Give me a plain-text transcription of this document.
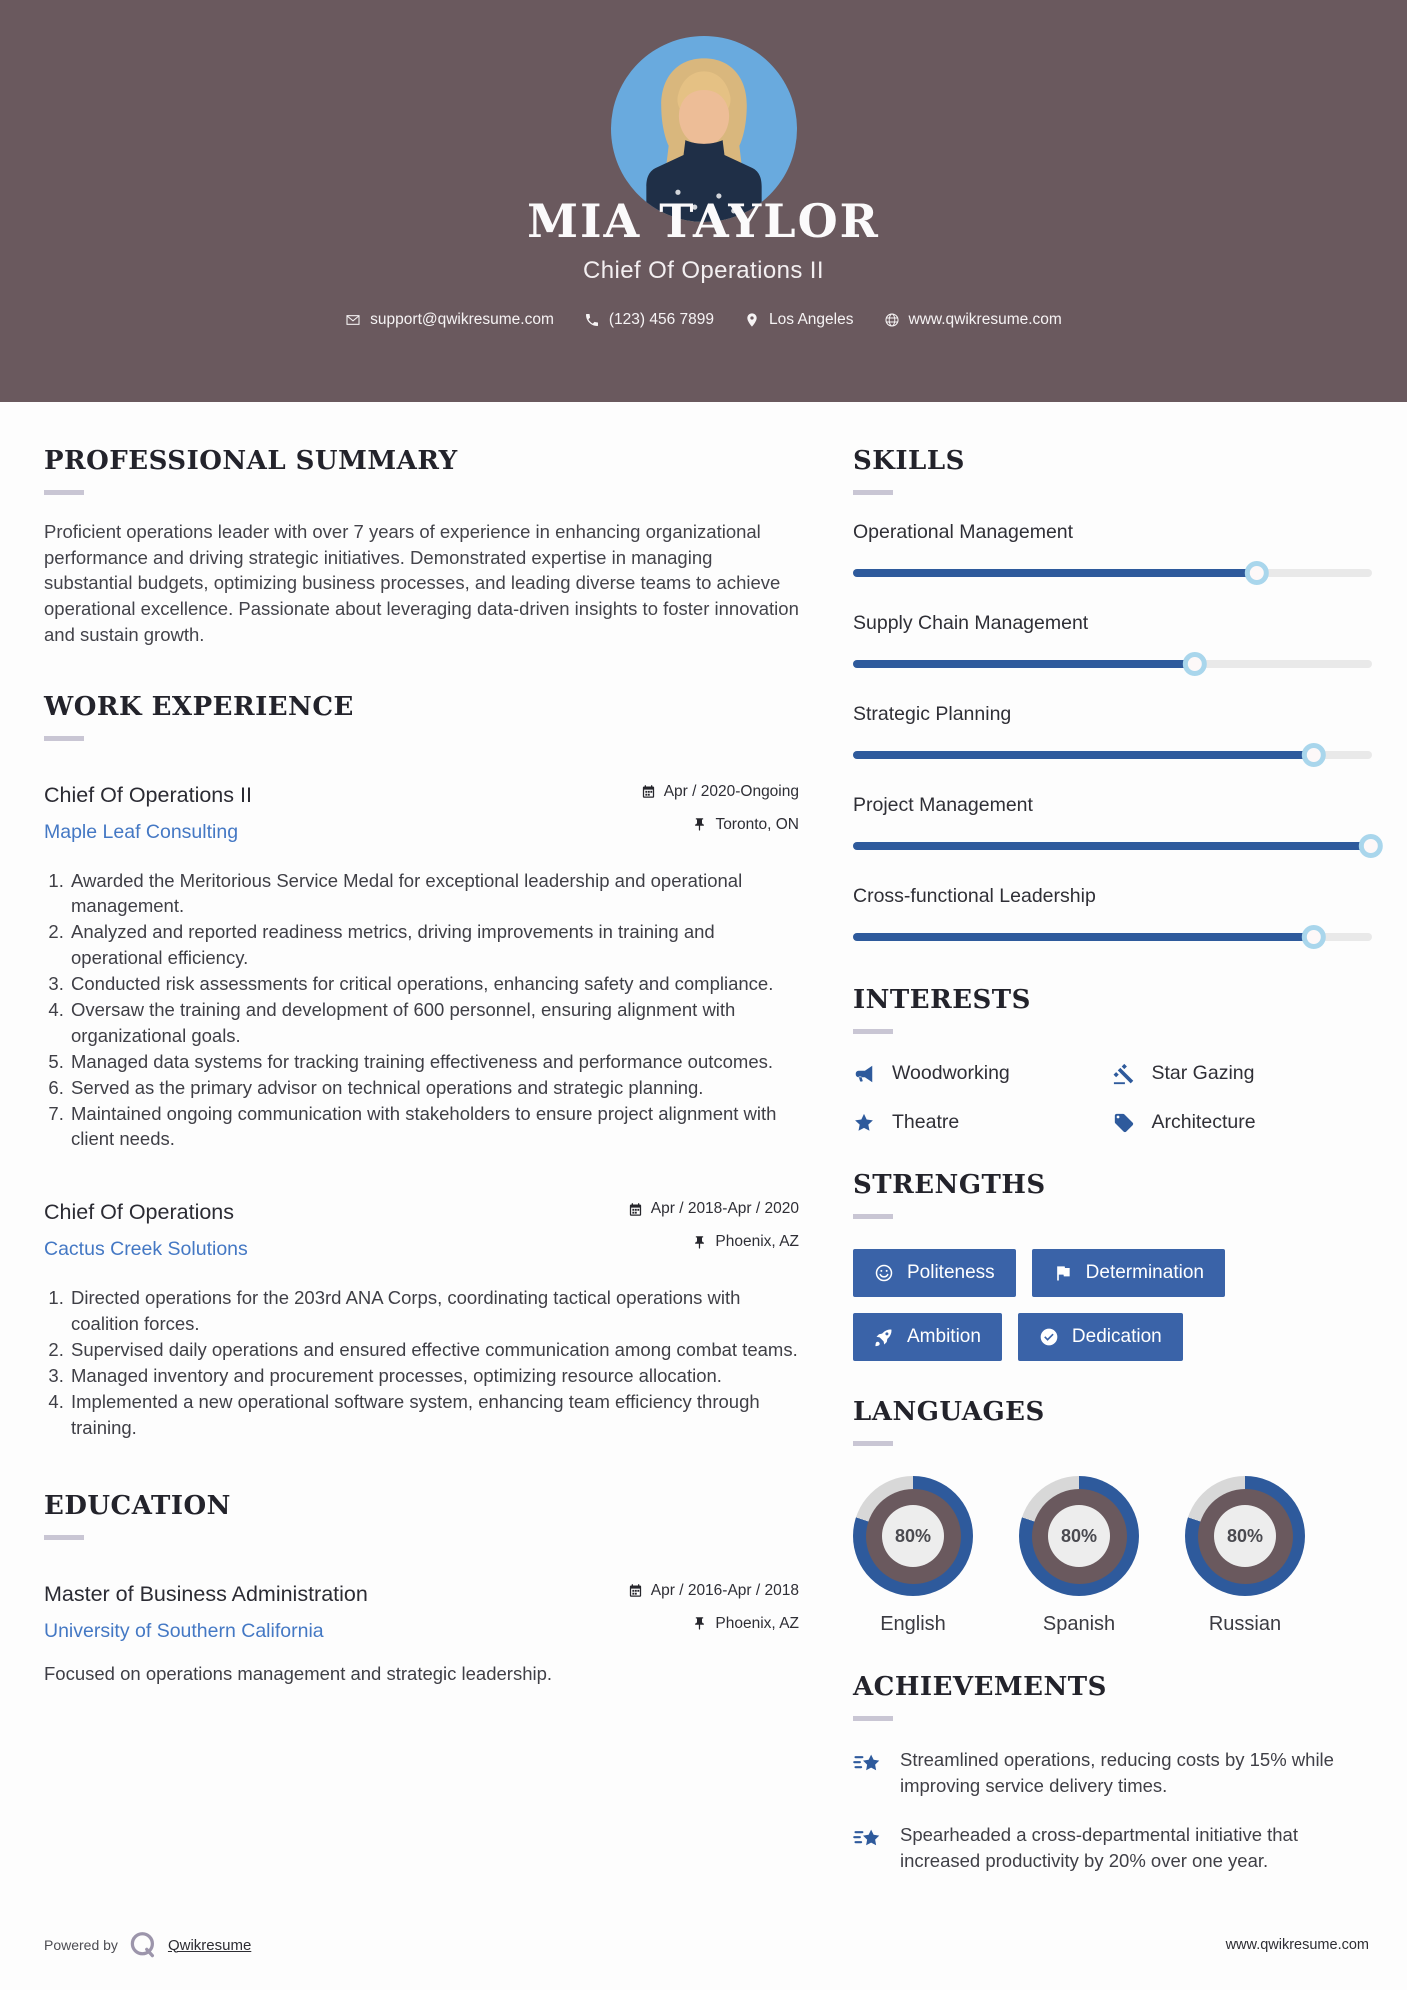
MIA TAYLOR
Chief Of Operations II
support@qwikresume.com	(123) 456 7899	Los Angeles	www.qwikresume.com
PROFESSIONAL SUMMARY

Proficient operations leader with over 7 years of experience in enhancing organizational performance and driving strategic initiatives. Demonstrated expertise in managing substantial budgets, optimizing business processes, and leading diverse teams to achieve operational excellence. Passionate about leveraging data-driven insights to foster innovation and sustain growth.

WORK EXPERIENCE
Chief Of Operations II
Maple Leaf Consulting
Apr / 2020-Ongoing
Toronto, ON
1. Awarded the Meritorious Service Medal for exceptional leadership and operational management.
2. Analyzed and reported readiness metrics, driving improvements in training and operational efficiency.
3. Conducted risk assessments for critical operations, enhancing safety and compliance.
4. Oversaw the training and development of 600 personnel, ensuring alignment with organizational goals.
5. Managed data systems for tracking training effectiveness and performance outcomes.
6. Served as the primary advisor on technical operations and strategic planning.
7. Maintained ongoing communication with stakeholders to ensure project alignment with client needs.
Chief Of Operations
Cactus Creek Solutions
Apr / 2018-Apr / 2020
Phoenix, AZ
1. Directed operations for the 203rd ANA Corps, coordinating tactical operations with coalition forces.
2. Supervised daily operations and ensured effective communication among combat teams.
3. Managed inventory and procurement processes, optimizing resource allocation.
4. Implemented a new operational software system, enhancing team efficiency through training.
EDUCATION
Master of Business Administration
University of Southern California
Apr / 2016-Apr / 2018
Phoenix, AZ

Focused on operations management and strategic leadership.

SKILLS
Operational Management
Supply Chain Management
Strategic Planning
Project Management
Cross-functional Leadership
INTERESTS
Woodworking	Star Gazing
Theatre	Architecture
STRENGTHS
Politeness	Determination
Ambition	Dedication
LANGUAGES
80%
English
80%
Spanish
80%
Russian
ACHIEVEMENTS

Streamlined operations, reducing costs by 15% while improving service delivery times.

Spearheaded a cross-departmental initiative that increased productivity by 20% over one year.

Powered by	Qwikresume	www.qwikresume.com
